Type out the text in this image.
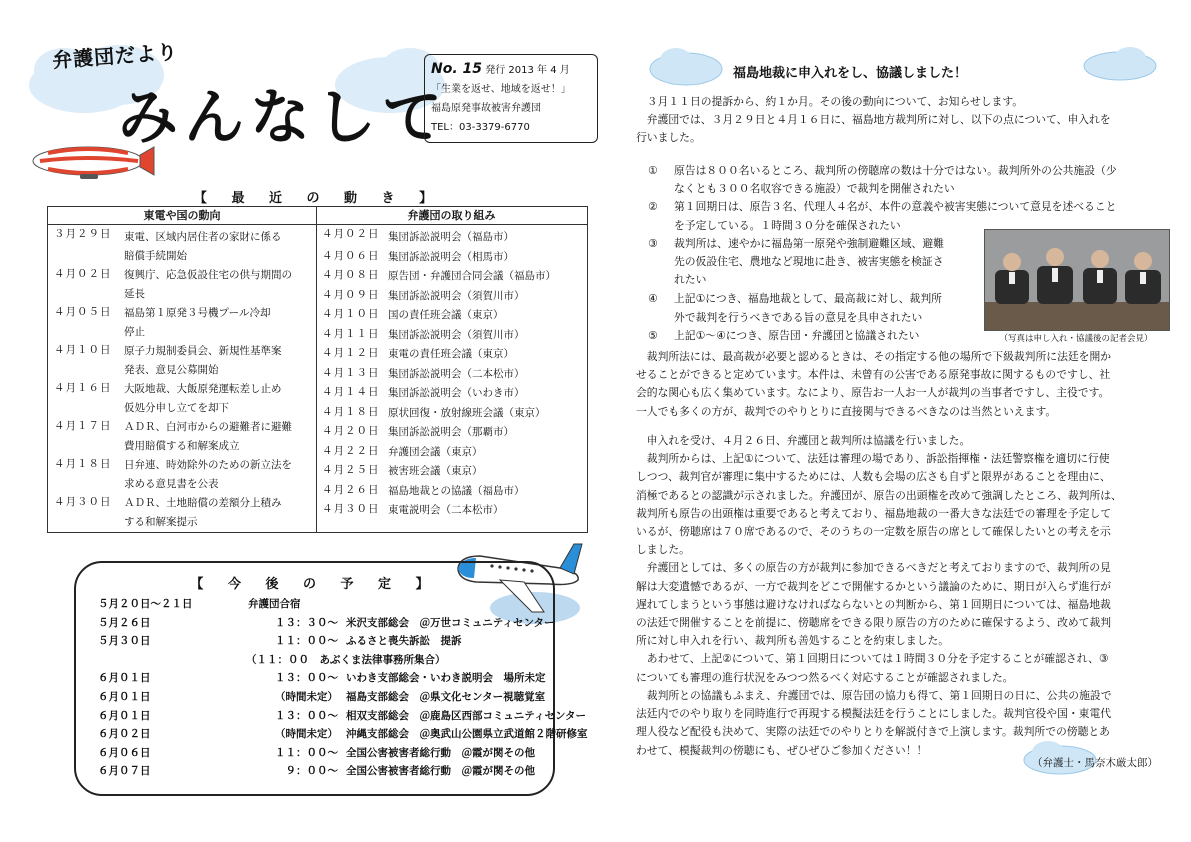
弁護団だより
みんなして
No. 15 発行 2013 年 4 月
「生業を返せ、地域を返せ！」
福島原発事故被害弁護団
TEL：03-3379-6770
【 最 近 の 動 き 】
東電や国の動向
３月２９日	東電、区域内居住者の家財に係る
賠償手続開始
４月０２日	復興庁、応急仮設住宅の供与期間の
延長
４月０５日	福島第１原発３号機プール冷却
停止
４月１０日	原子力規制委員会、新規性基準案
発表、意見公募開始
４月１６日	大阪地裁、大飯原発運転差し止め
仮処分申し立てを却下
４月１７日	ＡＤＲ、白河市からの避難者に避難
費用賠償する和解案成立
４月１８日	日弁連、時効除外のための新立法を
求める意見書を公表
４月３０日	ＡＤＲ、土地賠償の差額分上積み
する和解案提示
弁護団の取り組み
４月０２日 集団訴訟説明会（福島市）
４月０６日 集団訴訟説明会（相馬市）
４月０８日 原告団・弁護団合同会議（福島市）
４月０９日 集団訴訟説明会（須賀川市）
４月１０日 国の責任班会議（東京）
４月１１日 集団訴訟説明会（須賀川市）
４月１２日 東電の責任班会議（東京）
４月１３日 集団訴訟説明会（二本松市）
４月１４日 集団訴訟説明会（いわき市）
４月１８日 原状回復・放射線班会議（東京）
４月２０日 集団訴訟説明会（那覇市）
４月２２日 弁護団会議（東京）
４月２５日 被害班会議（東京）
４月２６日 福島地裁との協議（福島市）
４月３０日 東電説明会（二本松市）
【 今 後 の 予 定 】
５月２０日〜２１日	弁護団合宿
５月２６日	１３：３０〜 米沢支部総会　＠万世コミュニティセンター
５月３０日	１１：００〜 ふるさと喪失訴訟　提訴
（１１：００　あぶくま法律事務所集合）
６月０１日	１３：００〜 いわき支部総会・いわき説明会　場所未定
６月０１日	（時間未定） 福島支部総会　＠県文化センター視聴覚室
６月０１日	１３：００〜 相双支部総会　＠鹿島区西部コミュニティセンター
６月０２日	（時間未定） 沖縄支部総会　＠奥武山公園県立武道館２階研修室
６月０６日	１１：００〜 全国公害被害者総行動　＠霞が関その他
６月０７日	９：００〜 全国公害被害者総行動　＠霞が関その他
福島地裁に申入れをし、協議しました！
　３月１１日の提訴から、約１か月。その後の動向について、お知らせします。
　弁護団では、３月２９日と４月１６日に、福島地方裁判所に対し、以下の点について、申入れを
行いました。
①	原告は８００名いるところ、裁判所の傍聴席の数は十分ではない。裁判所外の公共施設（少
なくとも３００名収容できる施設）で裁判を開催されたい
②	第１回期日は、原告３名、代理人４名が、本件の意義や被害実態について意見を述べること
を予定している。１時間３０分を確保されたい
③	裁判所は、速やかに福島第一原発や強制避難区域、避難
先の仮設住宅、農地など現地に赴き、被害実態を検証さ
れたい
④	上記①につき、福島地裁として、最高裁に対し、裁判所
外で裁判を行うべきである旨の意見を具申されたい
⑤	上記①〜④につき、原告団・弁護団と協議されたい
　裁判所法には、最高裁が必要と認めるときは、その指定する他の場所で下級裁判所に法廷を開か
せることができると定めています。本件は、未曾有の公害である原発事故に関するものですし、社
会的な関心も広く集めています。なにより、原告お一人お一人が裁判の当事者ですし、主役です。
一人でも多くの方が、裁判でのやりとりに直接関与できるべきなのは当然といえます。
　申入れを受け、４月２６日、弁護団と裁判所は協議を行いました。
　裁判所からは、上記①について、法廷は審理の場であり、訴訟指揮権・法廷警察権を適切に行使
しつつ、裁判官が審理に集中するためには、人数も会場の広さも自ずと限界があることを理由に、
消極であるとの認識が示されました。弁護団が、原告の出頭権を改めて強調したところ、裁判所は、
裁判所も原告の出頭権は重要であると考えており、福島地裁の一番大きな法廷での審理を予定して
いるが、傍聴席は７０席であるので、そのうちの一定数を原告の席として確保したいとの考えを示
しました。
　弁護団としては、多くの原告の方が裁判に参加できるべきだと考えておりますので、裁判所の見
解は大変遺憾であるが、一方で裁判をどこで開催するかという議論のために、期日が入らず進行が
遅れてしまうという事態は避けなければならないとの判断から、第１回期日については、福島地裁
の法廷で開催することを前提に、傍聴席をできる限り原告の方のために確保するよう、改めて裁判
所に対し申入れを行い、裁判所も善処することを約束しました。
　あわせて、上記②について、第１回期日については１時間３０分を予定することが確認され、③
についても審理の進行状況をみつつ然るべく対応することが確認されました。
　裁判所との協議もふまえ、弁護団では、原告団の協力も得て、第１回期日の日に、公共の施設で
法廷内でのやり取りを同時進行で再現する模擬法廷を行うことにしました。裁判官役や国・東電代
理人役など配役も決めて、実際の法廷でのやりとりを解説付きで上演します。裁判所での傍聴とあ
わせて、模擬裁判の傍聴にも、ぜひぜひご参加ください！！
（写真は申し入れ・協議後の記者会見）
（弁護士・馬奈木厳太郎）
